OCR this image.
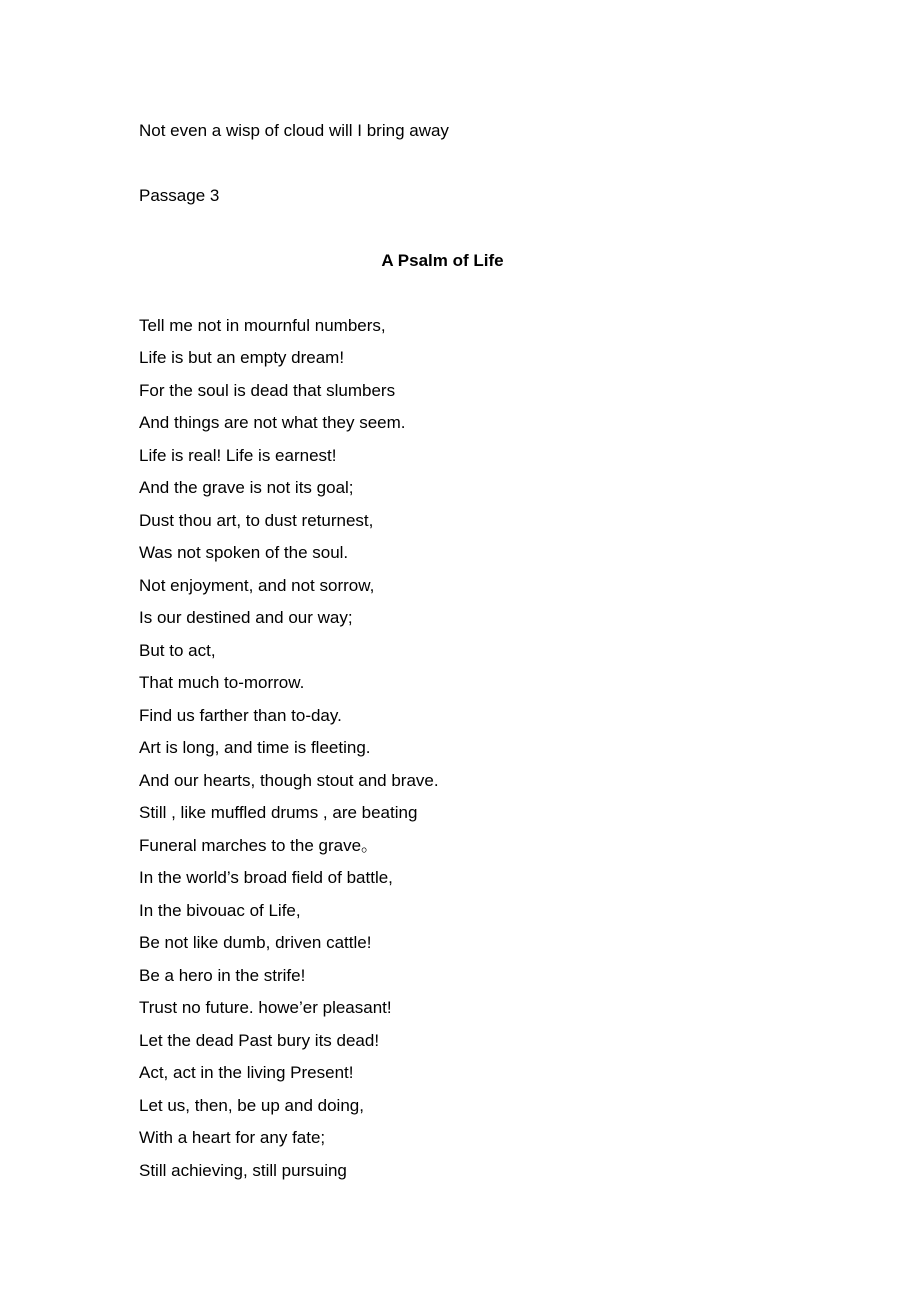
Not even a wisp of cloud will I bring away
Passage 3
A Psalm of Life
Tell me not in mournful numbers,
Life is but an empty dream!
For the soul is dead that slumbers
And things are not what they seem.
Life is real! Life is earnest!
And the grave is not its goal;
Dust thou art, to dust returnest,
Was not spoken of the soul.
Not enjoyment, and not sorrow,
Is our destined and our way;
But to act,
That much to-morrow.
Find us farther than to-day.
Art is long, and time is fleeting.
And our hearts, though stout and brave.
Still , like muffled drums , are beating
Funeral marches to the grave。
In the world’s broad field of battle,
In the bivouac of Life,
Be not like dumb, driven cattle!
Be a hero in the strife!
Trust no future. howe’er pleasant!
Let the dead Past bury its dead!
Act, act in the living Present!
Let us, then, be up and doing,
With a heart for any fate;
Still achieving, still pursuing
